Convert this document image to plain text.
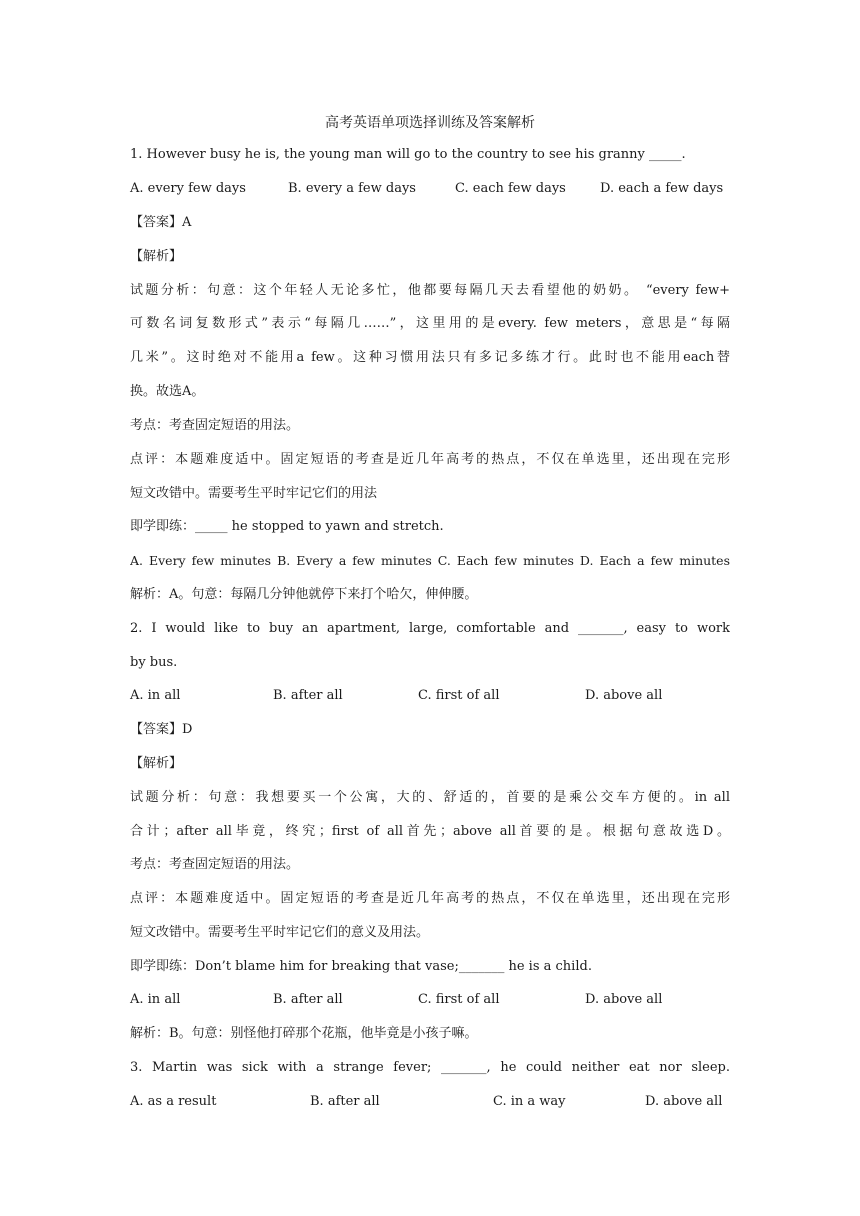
高考英语单项选择训练及答案解析
1. However busy he is, the young man will go to the country to see his granny _____.
A. every few days	B. every a few days	C. each few days	D. each a few days
【答案】A
【解析】
试题分析：句意：这个年轻人无论多忙，他都要每隔几天去看望他的奶奶。 “every few+
可数名词复数形式”表示“每隔几……”，这里用的是every. few meters，意思是“每隔
几米”。这时绝对不能用a few。这种习惯用法只有多记多练才行。此时也不能用each替
换。故选A。
考点：考查固定短语的用法。
点评：本题难度适中。固定短语的考查是近几年高考的热点，不仅在单选里，还出现在完形
短文改错中。需要考生平时牢记它们的用法
即学即练：_____ he stopped to yawn and stretch.
A. Every few minutes B. Every a few minutes C. Each few minutes D. Each a few minutes
解析：A。句意：每隔几分钟他就停下来打个哈欠，伸伸腰。
2. I would like to buy an apartment, large, comfortable and _______, easy to work
by bus.
A. in all	B. after all	C. first of all	D. above all
【答案】D
【解析】
试题分析：句意：我想要买一个公寓，大的、舒适的，首要的是乘公交车方便的。in all
合计；after all毕竟，终究；first of all首先；above all首要的是。根据句意故选D。
考点：考查固定短语的用法。
点评：本题难度适中。固定短语的考查是近几年高考的热点，不仅在单选里，还出现在完形
短文改错中。需要考生平时牢记它们的意义及用法。
即学即练：Don’t blame him for breaking that vase;_______ he is a child.
A. in all	B. after all	C. first of all	D. above all
解析：B。句意：别怪他打碎那个花瓶，他毕竟是小孩子嘛。
3. Martin was sick with a strange fever; _______, he could neither eat nor sleep.
A. as a result	B. after all	C. in a way	D. above all
